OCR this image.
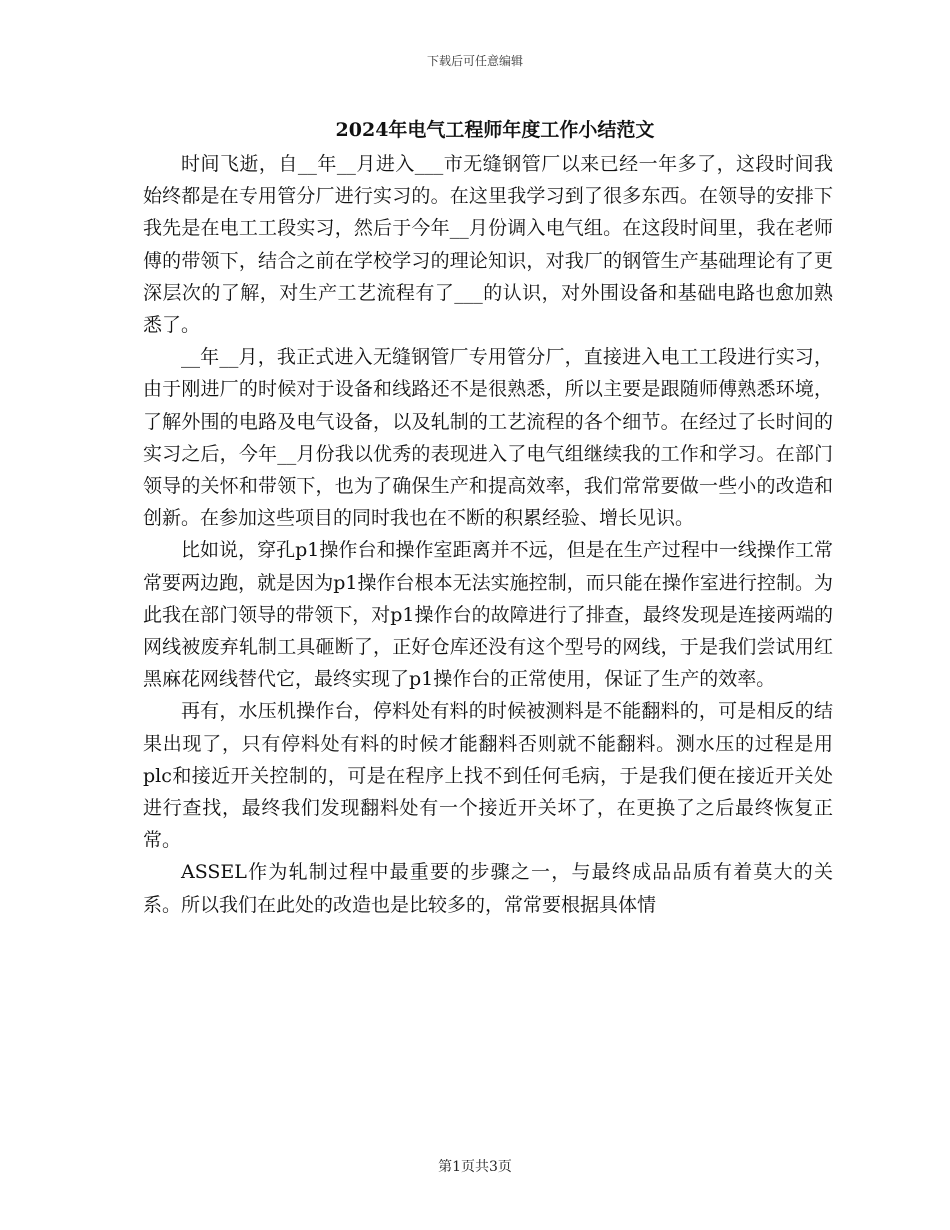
下载后可任意编辑
2024年电气工程师年度工作小结范文

时间飞逝，自__年__月进入___市无缝钢管厂以来已经一年多了，这段时间我始终都是在专用管分厂进行实习的。在这里我学习到了很多东西。在领导的安排下我先是在电工工段实习，然后于今年__月份调入电气组。在这段时间里，我在老师傅的带领下，结合之前在学校学习的理论知识，对我厂的钢管生产基础理论有了更深层次的了解，对生产工艺流程有了___的认识，对外围设备和基础电路也愈加熟悉了。

__年__月，我正式进入无缝钢管厂专用管分厂，直接进入电工工段进行实习，由于刚进厂的时候对于设备和线路还不是很熟悉，所以主要是跟随师傅熟悉环境，了解外围的电路及电气设备，以及轧制的工艺流程的各个细节。在经过了长时间的实习之后，今年__月份我以优秀的表现进入了电气组继续我的工作和学习。在部门领导的关怀和带领下，也为了确保生产和提高效率，我们常常要做一些小的改造和创新。在参加这些项目的同时我也在不断的积累经验、增长见识。

比如说，穿孔p1操作台和操作室距离并不远，但是在生产过程中一线操作工常常要两边跑，就是因为p1操作台根本无法实施控制，而只能在操作室进行控制。为此我在部门领导的带领下，对p1操作台的故障进行了排查，最终发现是连接两端的网线被废弃轧制工具砸断了，正好仓库还没有这个型号的网线，于是我们尝试用红黑麻花网线替代它，最终实现了p1操作台的正常使用，保证了生产的效率。

再有，水压机操作台，停料处有料的时候被测料是不能翻料的，可是相反的结果出现了，只有停料处有料的时候才能翻料否则就不能翻料。测水压的过程是用plc和接近开关控制的，可是在程序上找不到任何毛病，于是我们便在接近开关处进行查找，最终我们发现翻料处有一个接近开关坏了，在更换了之后最终恢复正常。

ASSEL作为轧制过程中最重要的步骤之一，与最终成品品质有着莫大的关系。所以我们在此处的改造也是比较多的，常常要根据具体情

第1页共3页
